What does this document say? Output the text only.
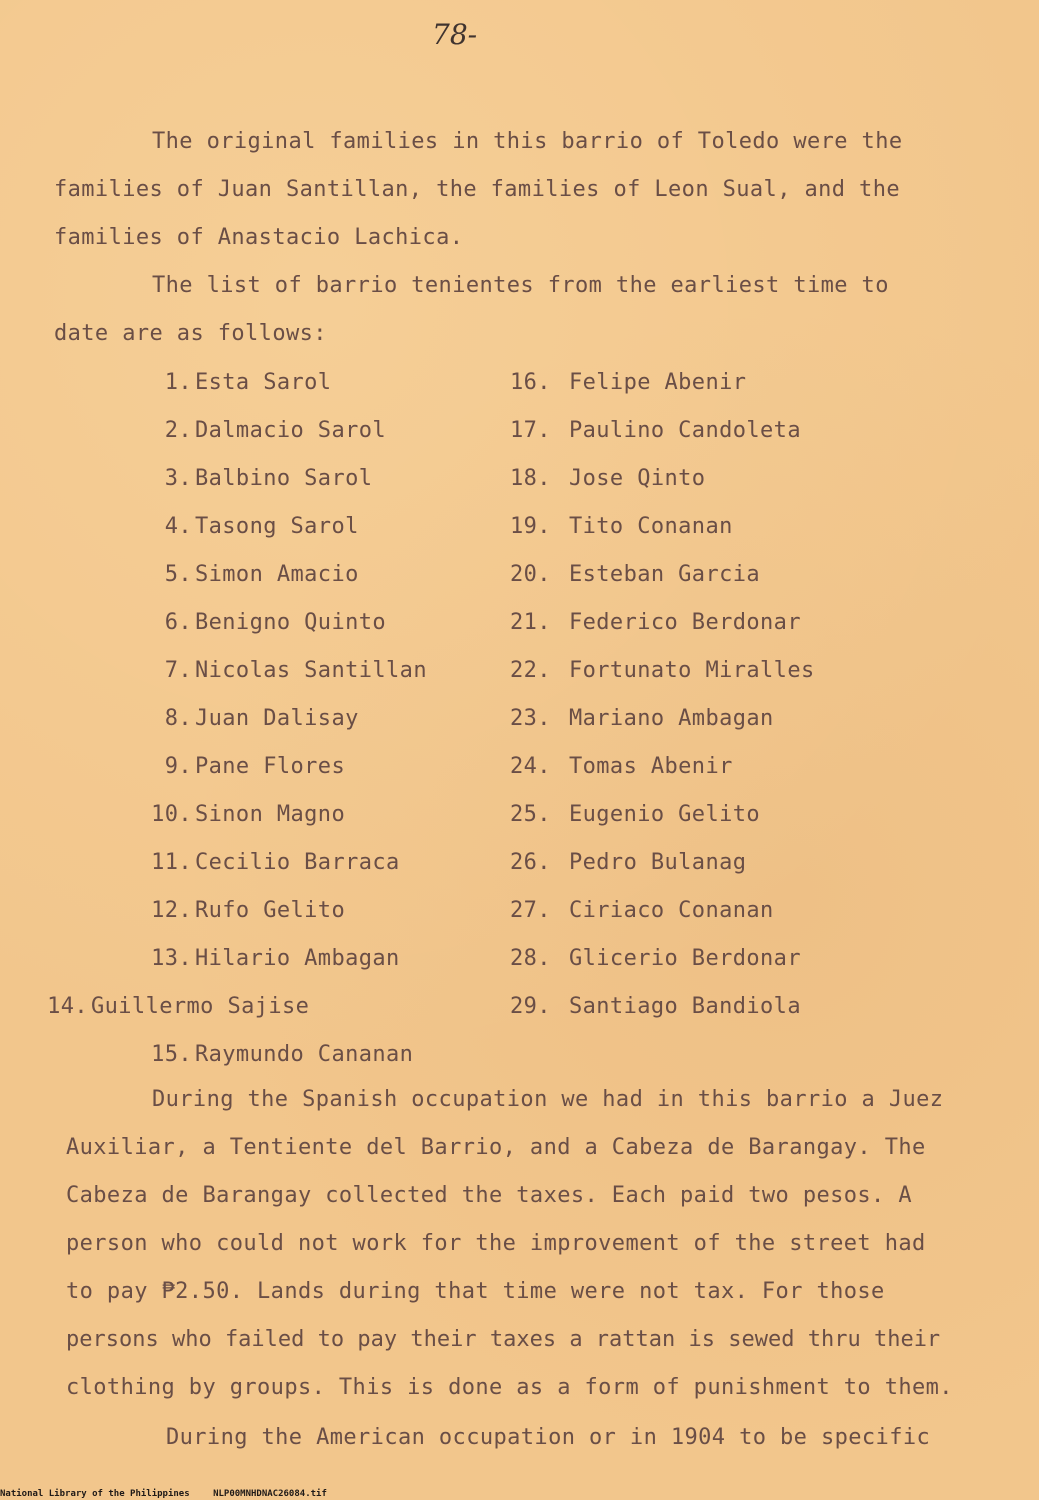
78-
The original families in this barrio of Toledo were the
families of Juan Santillan, the families of Leon Sual, and the
families of Anastacio Lachica.
The list of barrio tenientes from the earliest time to
date are as follows:
1. Esta Sarol
2. Dalmacio Sarol
3. Balbino Sarol
4. Tasong Sarol
5. Simon Amacio
6. Benigno Quinto
7. Nicolas Santillan
8. Juan Dalisay
9. Pane Flores
10. Sinon Magno
11. Cecilio Barraca
12. Rufo Gelito
13. Hilario Ambagan
14. Guillermo Sajise
15. Raymundo Cananan
16. Felipe Abenir
17. Paulino Candoleta
18. Jose Qinto
19. Tito Conanan
20. Esteban Garcia
21. Federico Berdonar
22. Fortunato Miralles
23. Mariano Ambagan
24. Tomas Abenir
25. Eugenio Gelito
26. Pedro Bulanag
27. Ciriaco Conanan
28. Glicerio Berdonar
29. Santiago Bandiola
During the Spanish occupation we had in this barrio a Juez
Auxiliar, a Tentiente del Barrio, and a Cabeza de Barangay. The
Cabeza de Barangay collected the taxes. Each paid two pesos. A
person who could not work for the improvement of the street had
to pay ₱2.50. Lands during that time were not tax. For those
persons who failed to pay their taxes a rattan is sewed thru their
clothing by groups. This is done as a form of punishment to them.
During the American occupation or in 1904 to be specific
National Library of the Philippines	NLP00MNHDNAC26084.tif
